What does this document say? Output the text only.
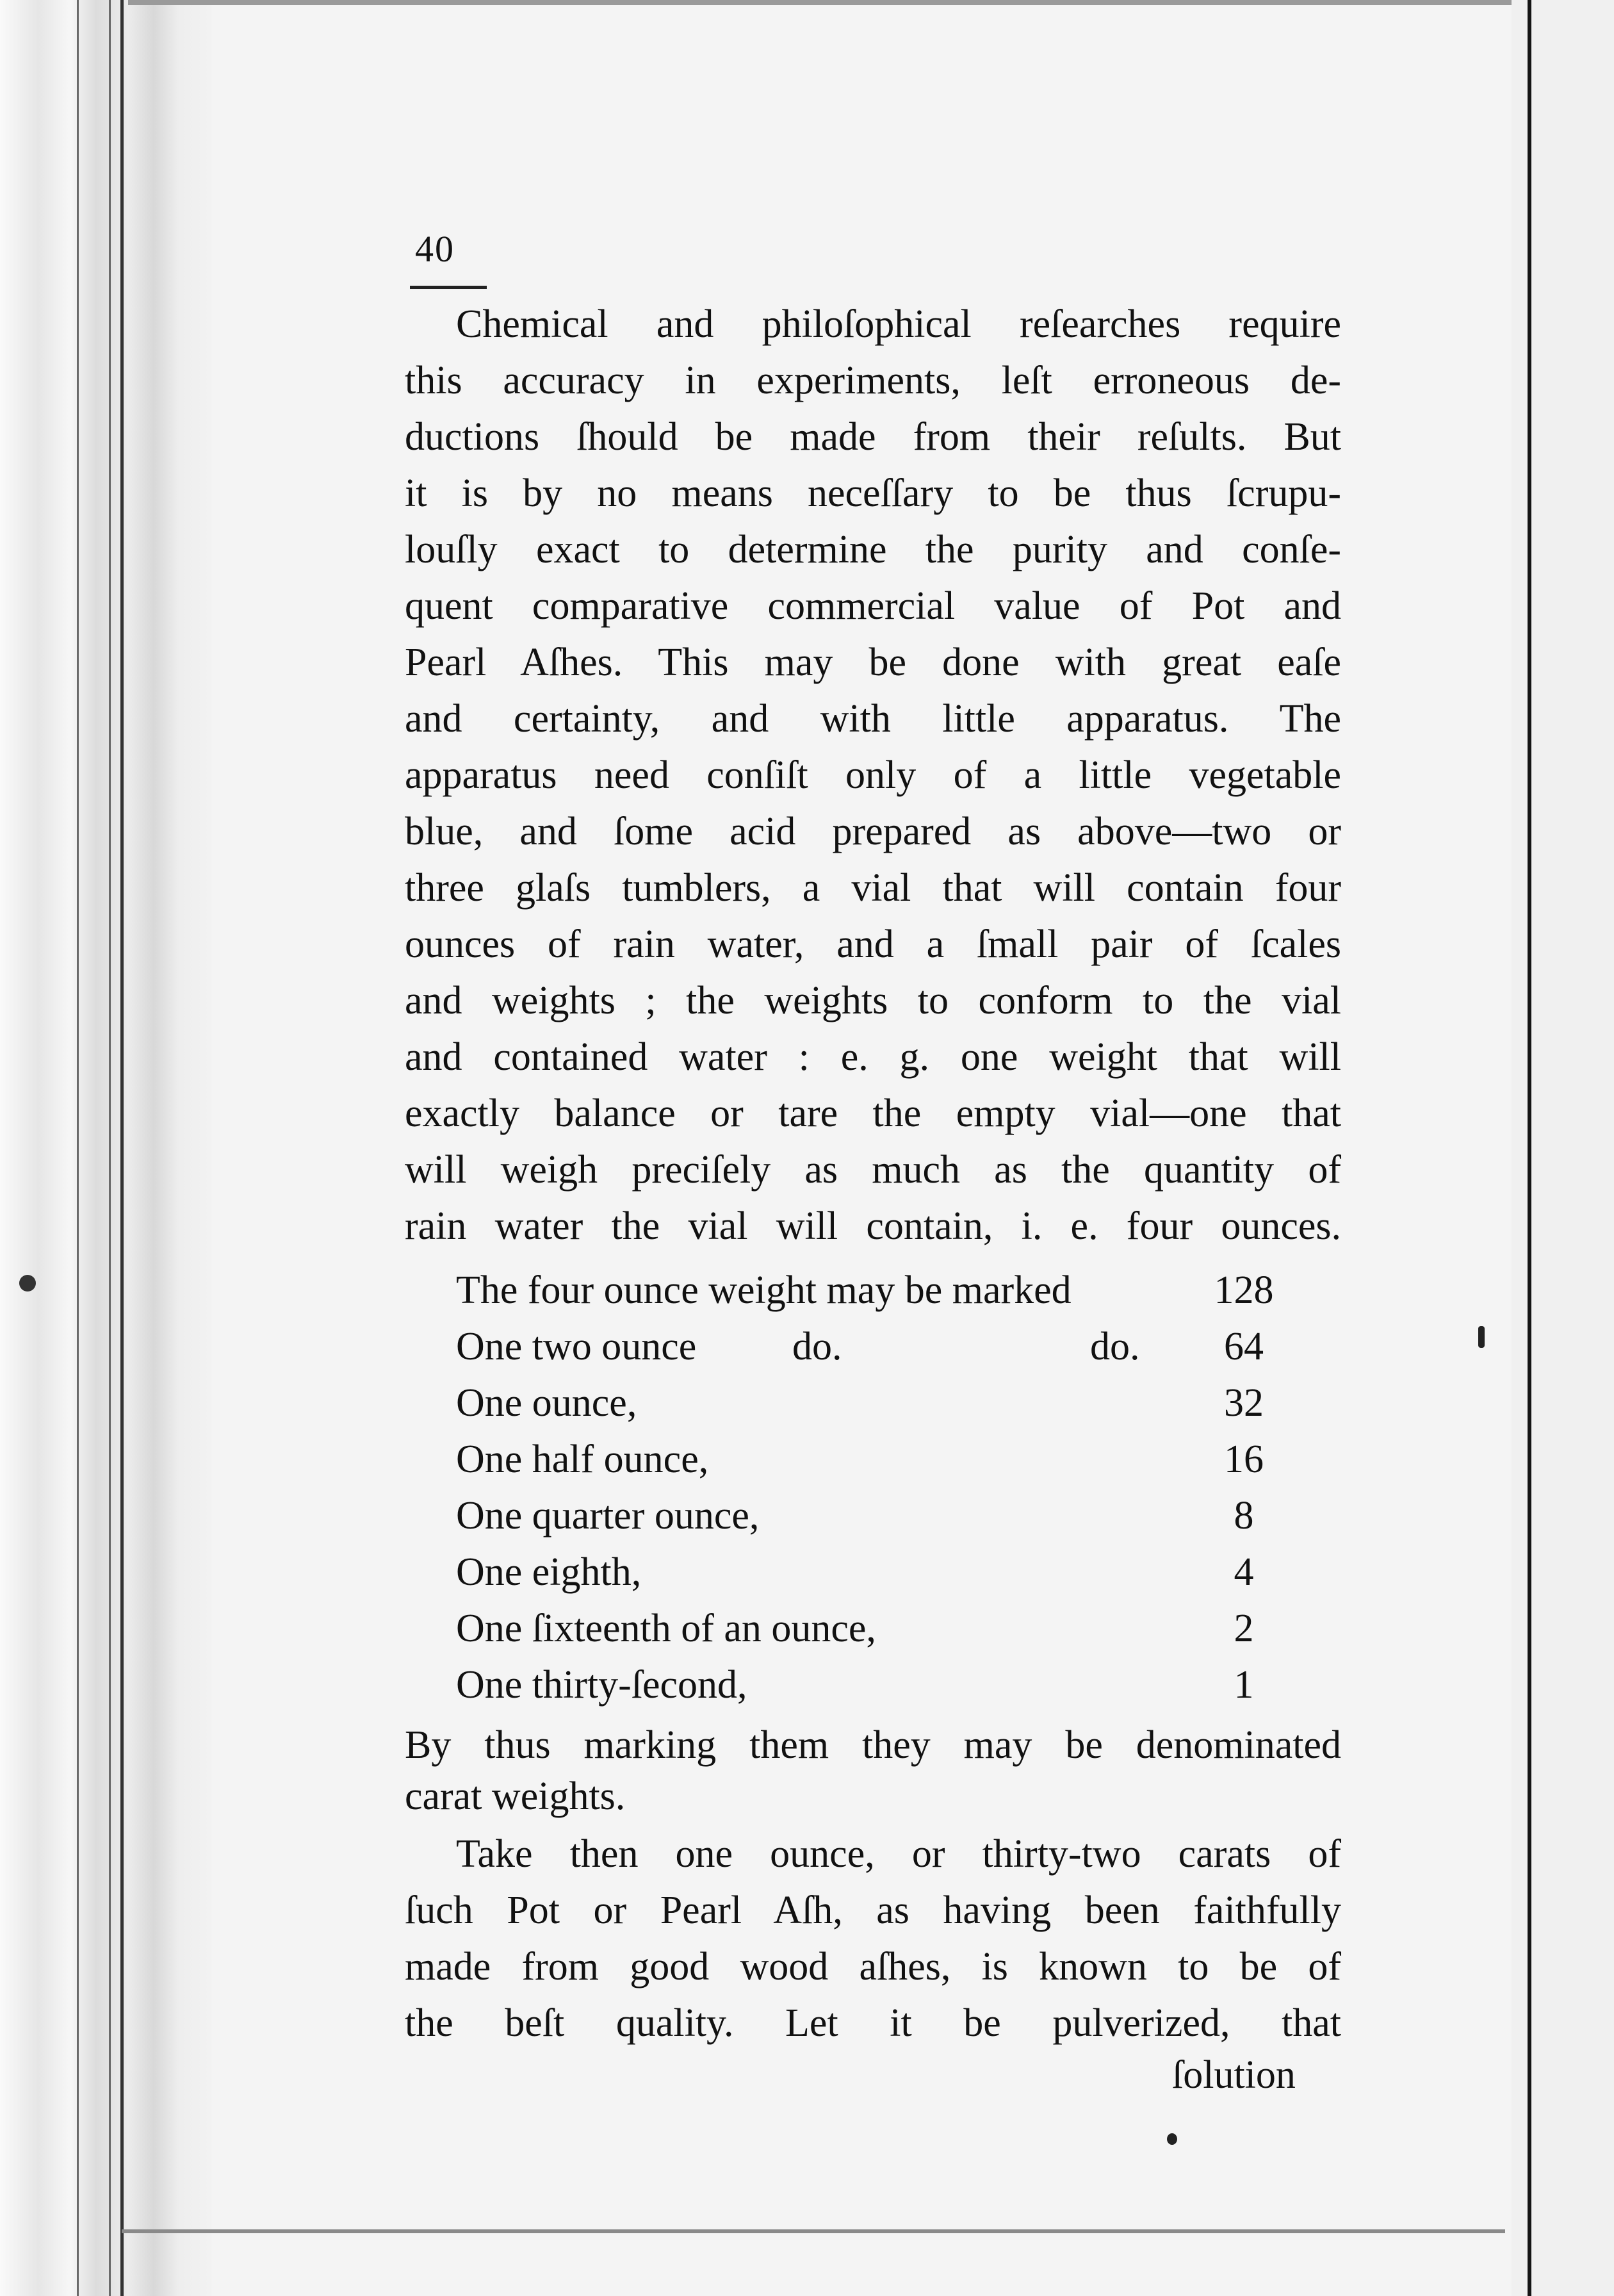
40
Chemical and philoſophical reſearches require
this accuracy in experiments, leſt erroneous de-
ductions ſhould be made from their reſults. But
it is by no means neceſſary to be thus ſcrupu-
louſly exact to determine the purity and conſe-
quent comparative commercial value of Pot and
Pearl Aſhes. This may be done with great eaſe
and certainty, and with little apparatus. The
apparatus need conſiſt only of a little vegetable
blue, and ſome acid prepared as above—two or
three glaſs tumblers, a vial that will contain four
ounces of rain water, and a ſmall pair of ſcales
and weights ; the weights to conform to the vial
and contained water : e. g. one weight that will
exactly balance or tare the empty vial—one that
will weigh preciſely as much as the quantity of
rain water the vial will contain, i. e. four ounces.
The four ounce weight may be marked	128
One two ounce do.	do.	64
One ounce,	32
One half ounce,	16
One quarter ounce,	8
One eighth,	4
One ſixteenth of an ounce,	2
One thirty-ſecond,	1
By thus marking them they may be denominated
carat weights.
Take then one ounce, or thirty-two carats of
ſuch Pot or Pearl Aſh, as having been faithfully
made from good wood aſhes, is known to be of
the beſt quality. Let it be pulverized, that
ſolution
